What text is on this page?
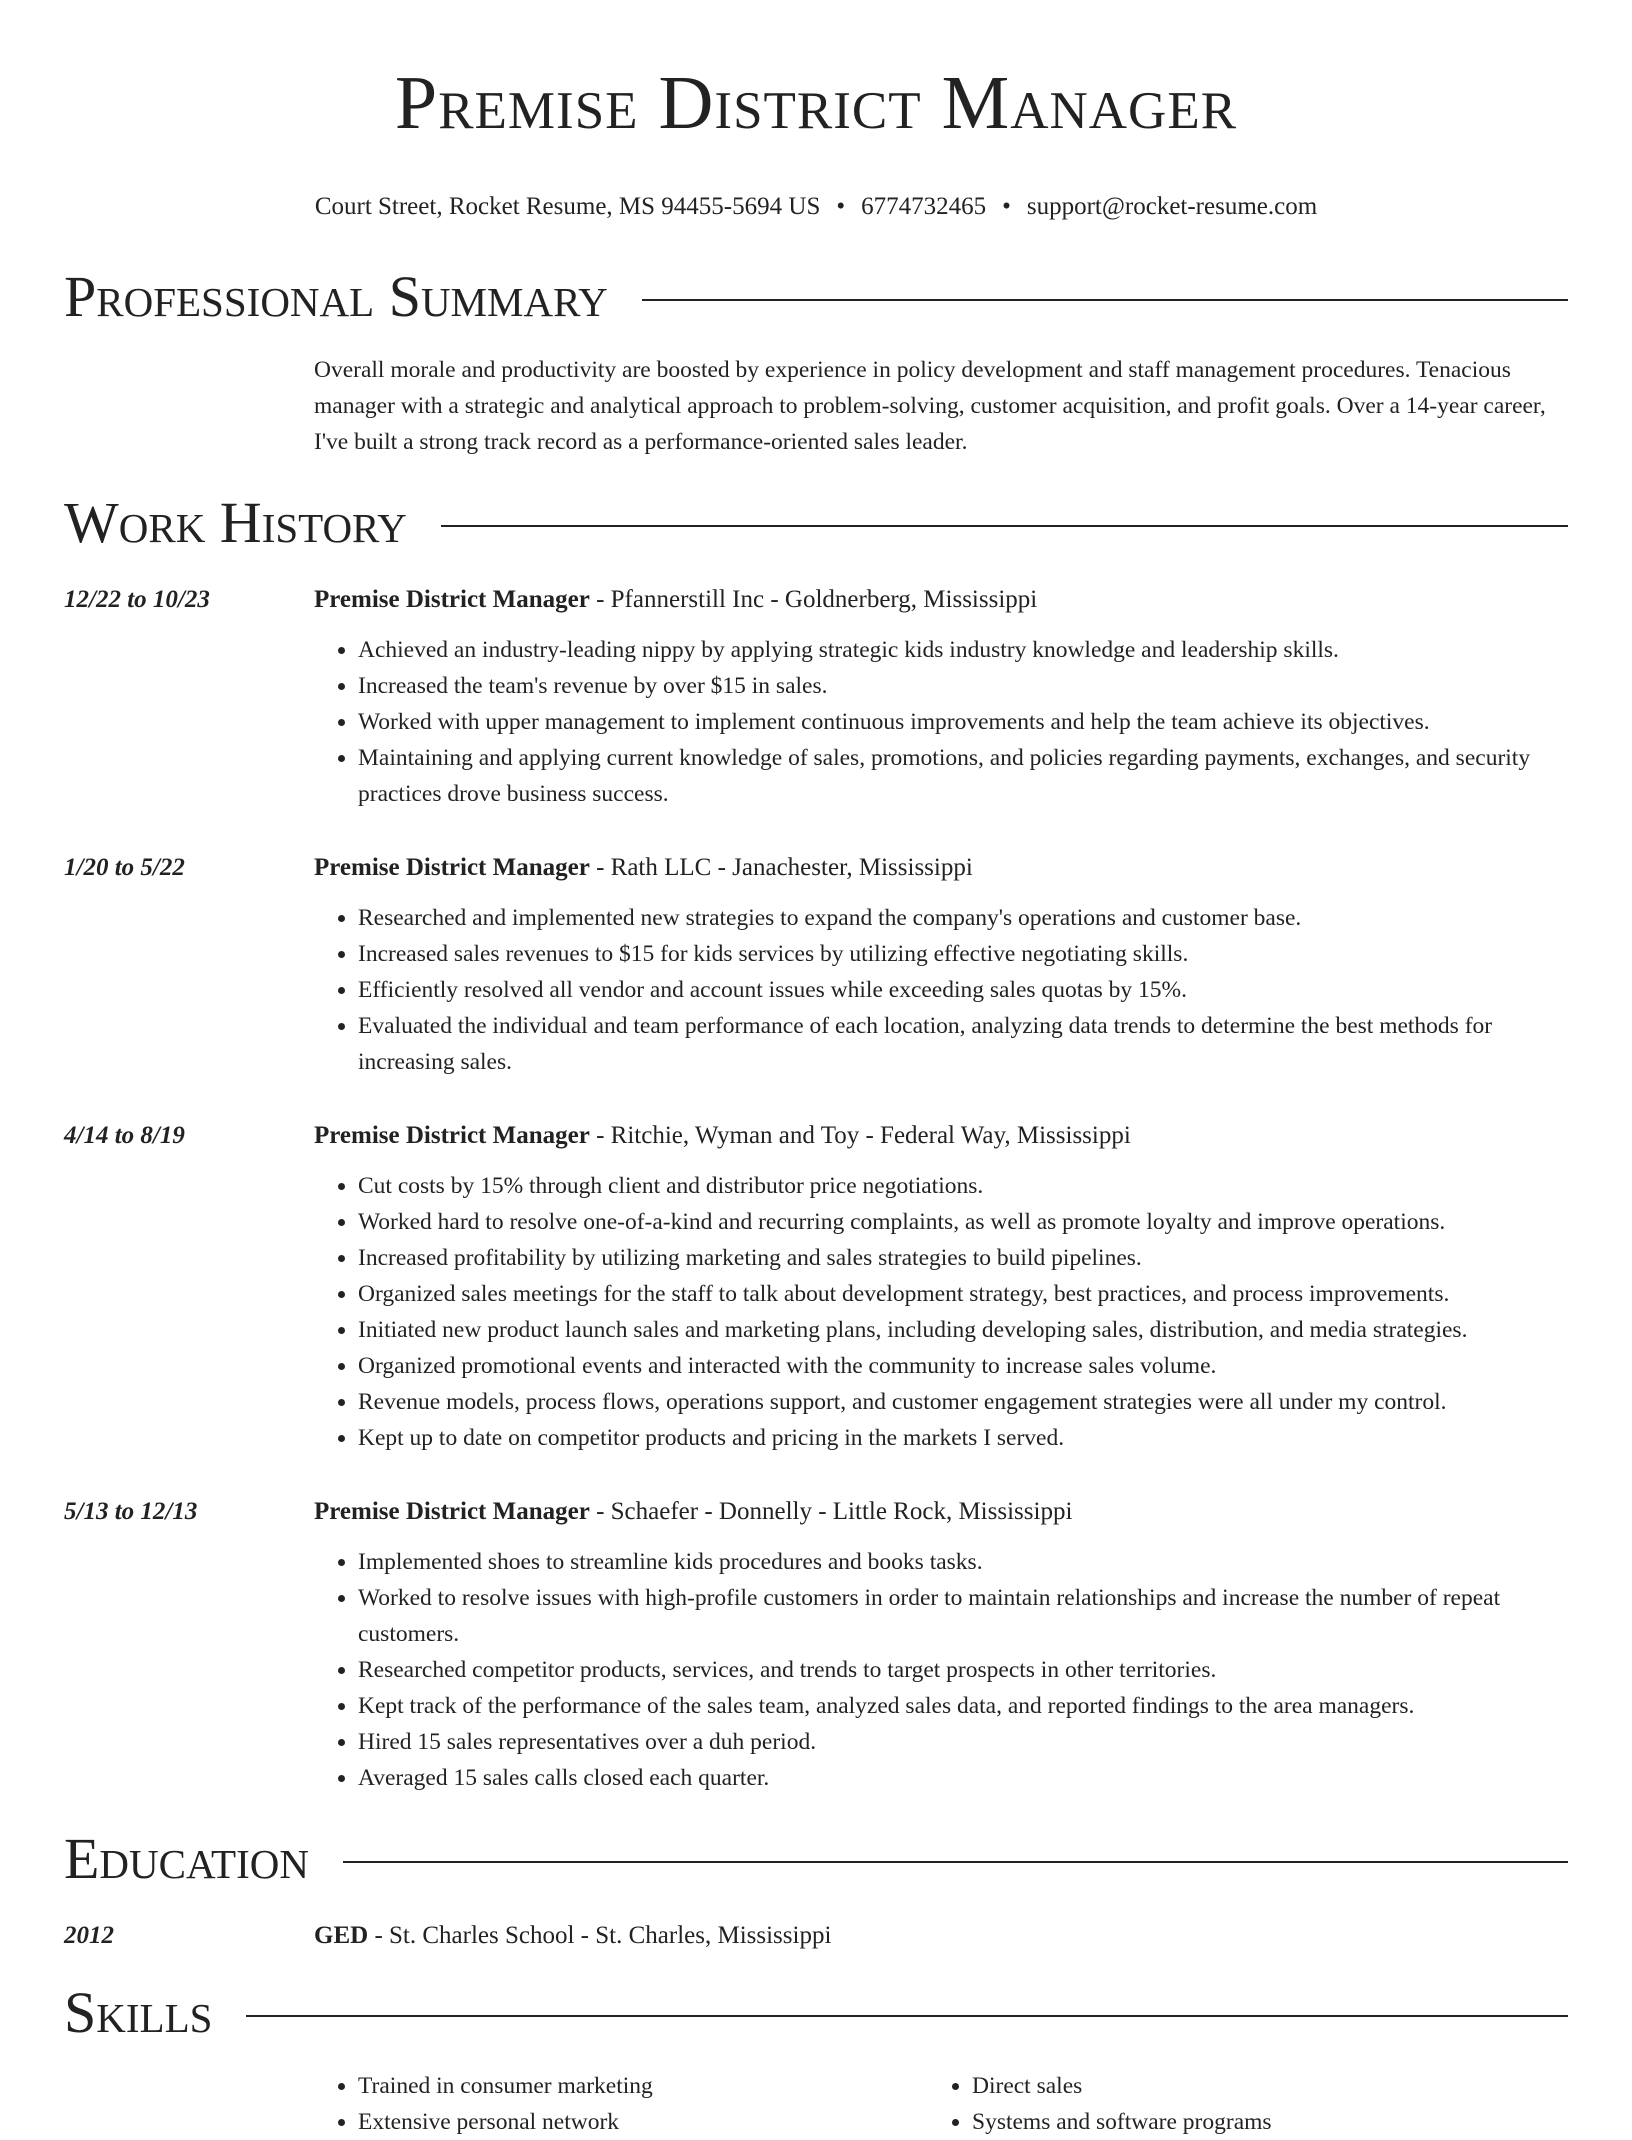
Premise District Manager
Court Street, Rocket Resume, MS 94455-5694 US • 6774732465 • support@rocket-resume.com
Professional Summary
Overall morale and productivity are boosted by experience in policy development and staff management procedures. Tenacious manager with a strategic and analytical approach to problem-solving, customer acquisition, and profit goals. Over a 14-year career, I've built a strong track record as a performance-oriented sales leader.
Work History
12/22 to 10/23	Premise District Manager - Pfannerstill Inc - Goldnerberg, Mississippi
• Achieved an industry-leading nippy by applying strategic kids industry knowledge and leadership skills.
• Increased the team's revenue by over $15 in sales.
• Worked with upper management to implement continuous improvements and help the team achieve its objectives.
• Maintaining and applying current knowledge of sales, promotions, and policies regarding payments, exchanges, and security practices drove business success.
1/20 to 5/22	Premise District Manager - Rath LLC - Janachester, Mississippi
• Researched and implemented new strategies to expand the company's operations and customer base.
• Increased sales revenues to $15 for kids services by utilizing effective negotiating skills.
• Efficiently resolved all vendor and account issues while exceeding sales quotas by 15%.
• Evaluated the individual and team performance of each location, analyzing data trends to determine the best methods for increasing sales.
4/14 to 8/19	Premise District Manager - Ritchie, Wyman and Toy - Federal Way, Mississippi
• Cut costs by 15% through client and distributor price negotiations.
• Worked hard to resolve one-of-a-kind and recurring complaints, as well as promote loyalty and improve operations.
• Increased profitability by utilizing marketing and sales strategies to build pipelines.
• Organized sales meetings for the staff to talk about development strategy, best practices, and process improvements.
• Initiated new product launch sales and marketing plans, including developing sales, distribution, and media strategies.
• Organized promotional events and interacted with the community to increase sales volume.
• Revenue models, process flows, operations support, and customer engagement strategies were all under my control.
• Kept up to date on competitor products and pricing in the markets I served.
5/13 to 12/13	Premise District Manager - Schaefer - Donnelly - Little Rock, Mississippi
• Implemented shoes to streamline kids procedures and books tasks.
• Worked to resolve issues with high-profile customers in order to maintain relationships and increase the number of repeat customers.
• Researched competitor products, services, and trends to target prospects in other territories.
• Kept track of the performance of the sales team, analyzed sales data, and reported findings to the area managers.
• Hired 15 sales representatives over a duh period.
• Averaged 15 sales calls closed each quarter.
Education
2012	GED - St. Charles School - St. Charles, Mississippi
Skills
• Trained in consumer marketing
• Extensive personal network
• Direct sales
• Systems and software programs
